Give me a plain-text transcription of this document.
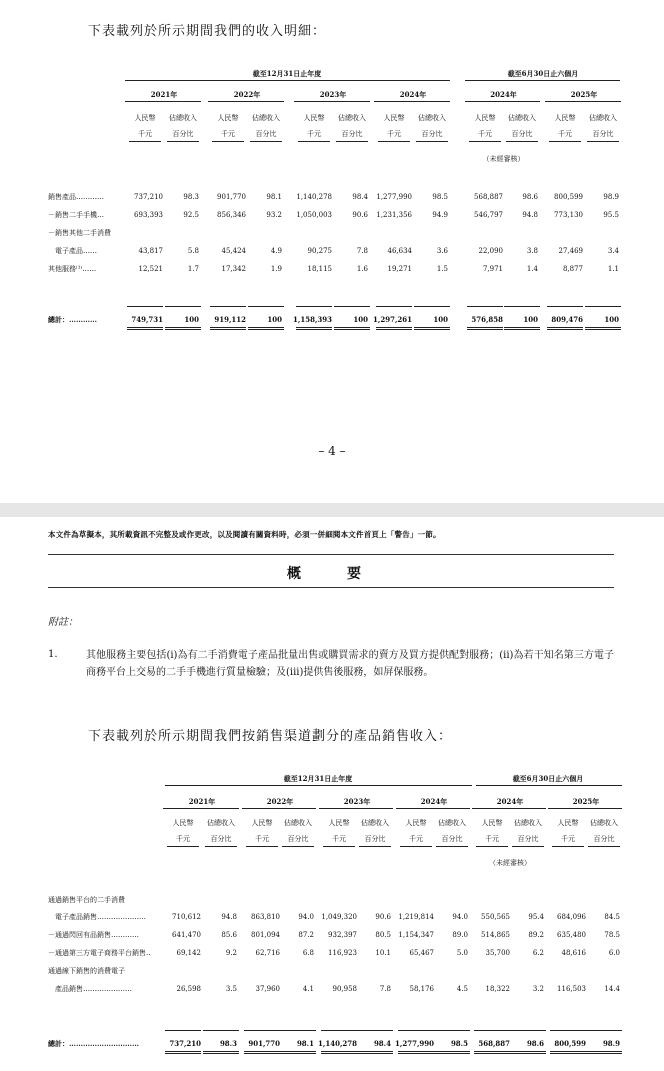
下表載列於所示期間我們的收入明細：
截至12月31日止年度	截至6月30日止六個月
2021年	2022年	2023年	2024年	2024年	2025年
人民幣
千元
佔總收入
百分比
人民幣
千元
佔總收入
百分比
人民幣
千元
佔總收入
百分比
人民幣
千元
佔總收入
百分比
人民幣
千元
佔總收入
百分比
人民幣
千元
佔總收入
百分比
（未經審核）
銷售產品…………	737,210	98.3	901,770	98.1 1,140,278	98.4 1,277,990	98.5	568,887	98.6 800,599	98.9
－銷售二手手機…	693,393	92.5	856,346	93.2 1,050,003	90.6 1,231,356	94.9	546,797	94.8 773,130	95.5
－銷售其他二手消費
　電子產品……	43,817	5.8	45,424	4.9	90,275	7.8	46,634	3.6	22,090	3.8	27,469	3.4
其他服務⁽¹⁾……	12,521	1.7	17,342	1.9	18,115	1.6	19,271	1.5	7,971	1.4	8,877	1.1
總計：…………	749,731	100 919,112	100 1,158,393	100 1,297,261	100	576,858	100 809,476	100
– 4 –
本文件為草擬本，其所載資訊不完整及或作更改，以及閱讀有關資料時，必須一併細閱本文件首頁上「警告」一節。
概　要
附註：
1.	其他服務主要包括(i)為有二手消費電子產品批量出售或購買需求的賣方及買方提供配對服務；(ii)為若干知名第三方電子商務平台上交易的二手手機進行質量檢驗；及(iii)提供售後服務，如屏保服務。
下表載列於所示期間我們按銷售渠道劃分的產品銷售收入：
截至12月31日止年度	截至6月30日止六個月
2021年	2022年	2023年	2024年	2024年	2025年
人民幣
千元
佔總收入
百分比
人民幣
千元
佔總收入
百分比
人民幣
千元
佔總收入
百分比
人民幣
千元
佔總收入
百分比
人民幣
千元
佔總收入
百分比
人民幣
千元
佔總收入
百分比
（未經審核）
通過銷售平台的二手消費
　電子產品銷售…………………	710,612	94.8 863,810	94.0 1,049,320	90.6 1,219,814	94.0 550,565	95.4 684,096	84.5
－通過閃回有品銷售…………	641,470	85.6 801,094	87.2 932,397	80.5 1,154,347	89.0 514,865	89.2 635,480	78.5
－通過第三方電子商務平台銷售‥	69,142	9.2	62,716	6.8 116,923	10.1	65,467	5.0	35,700	6.2	48,616	6.0
通過線下銷售的消費電子
　產品銷售…………………	26,598	3.5	37,960	4.1	90,958	7.8	58,176	4.5	18,322	3.2 116,503	14.4
總計：…………………………	737,210	98.3 901,770 98.1 1,140,278 98.4 1,277,990 98.5 568,887 98.6 800,599 98.9
